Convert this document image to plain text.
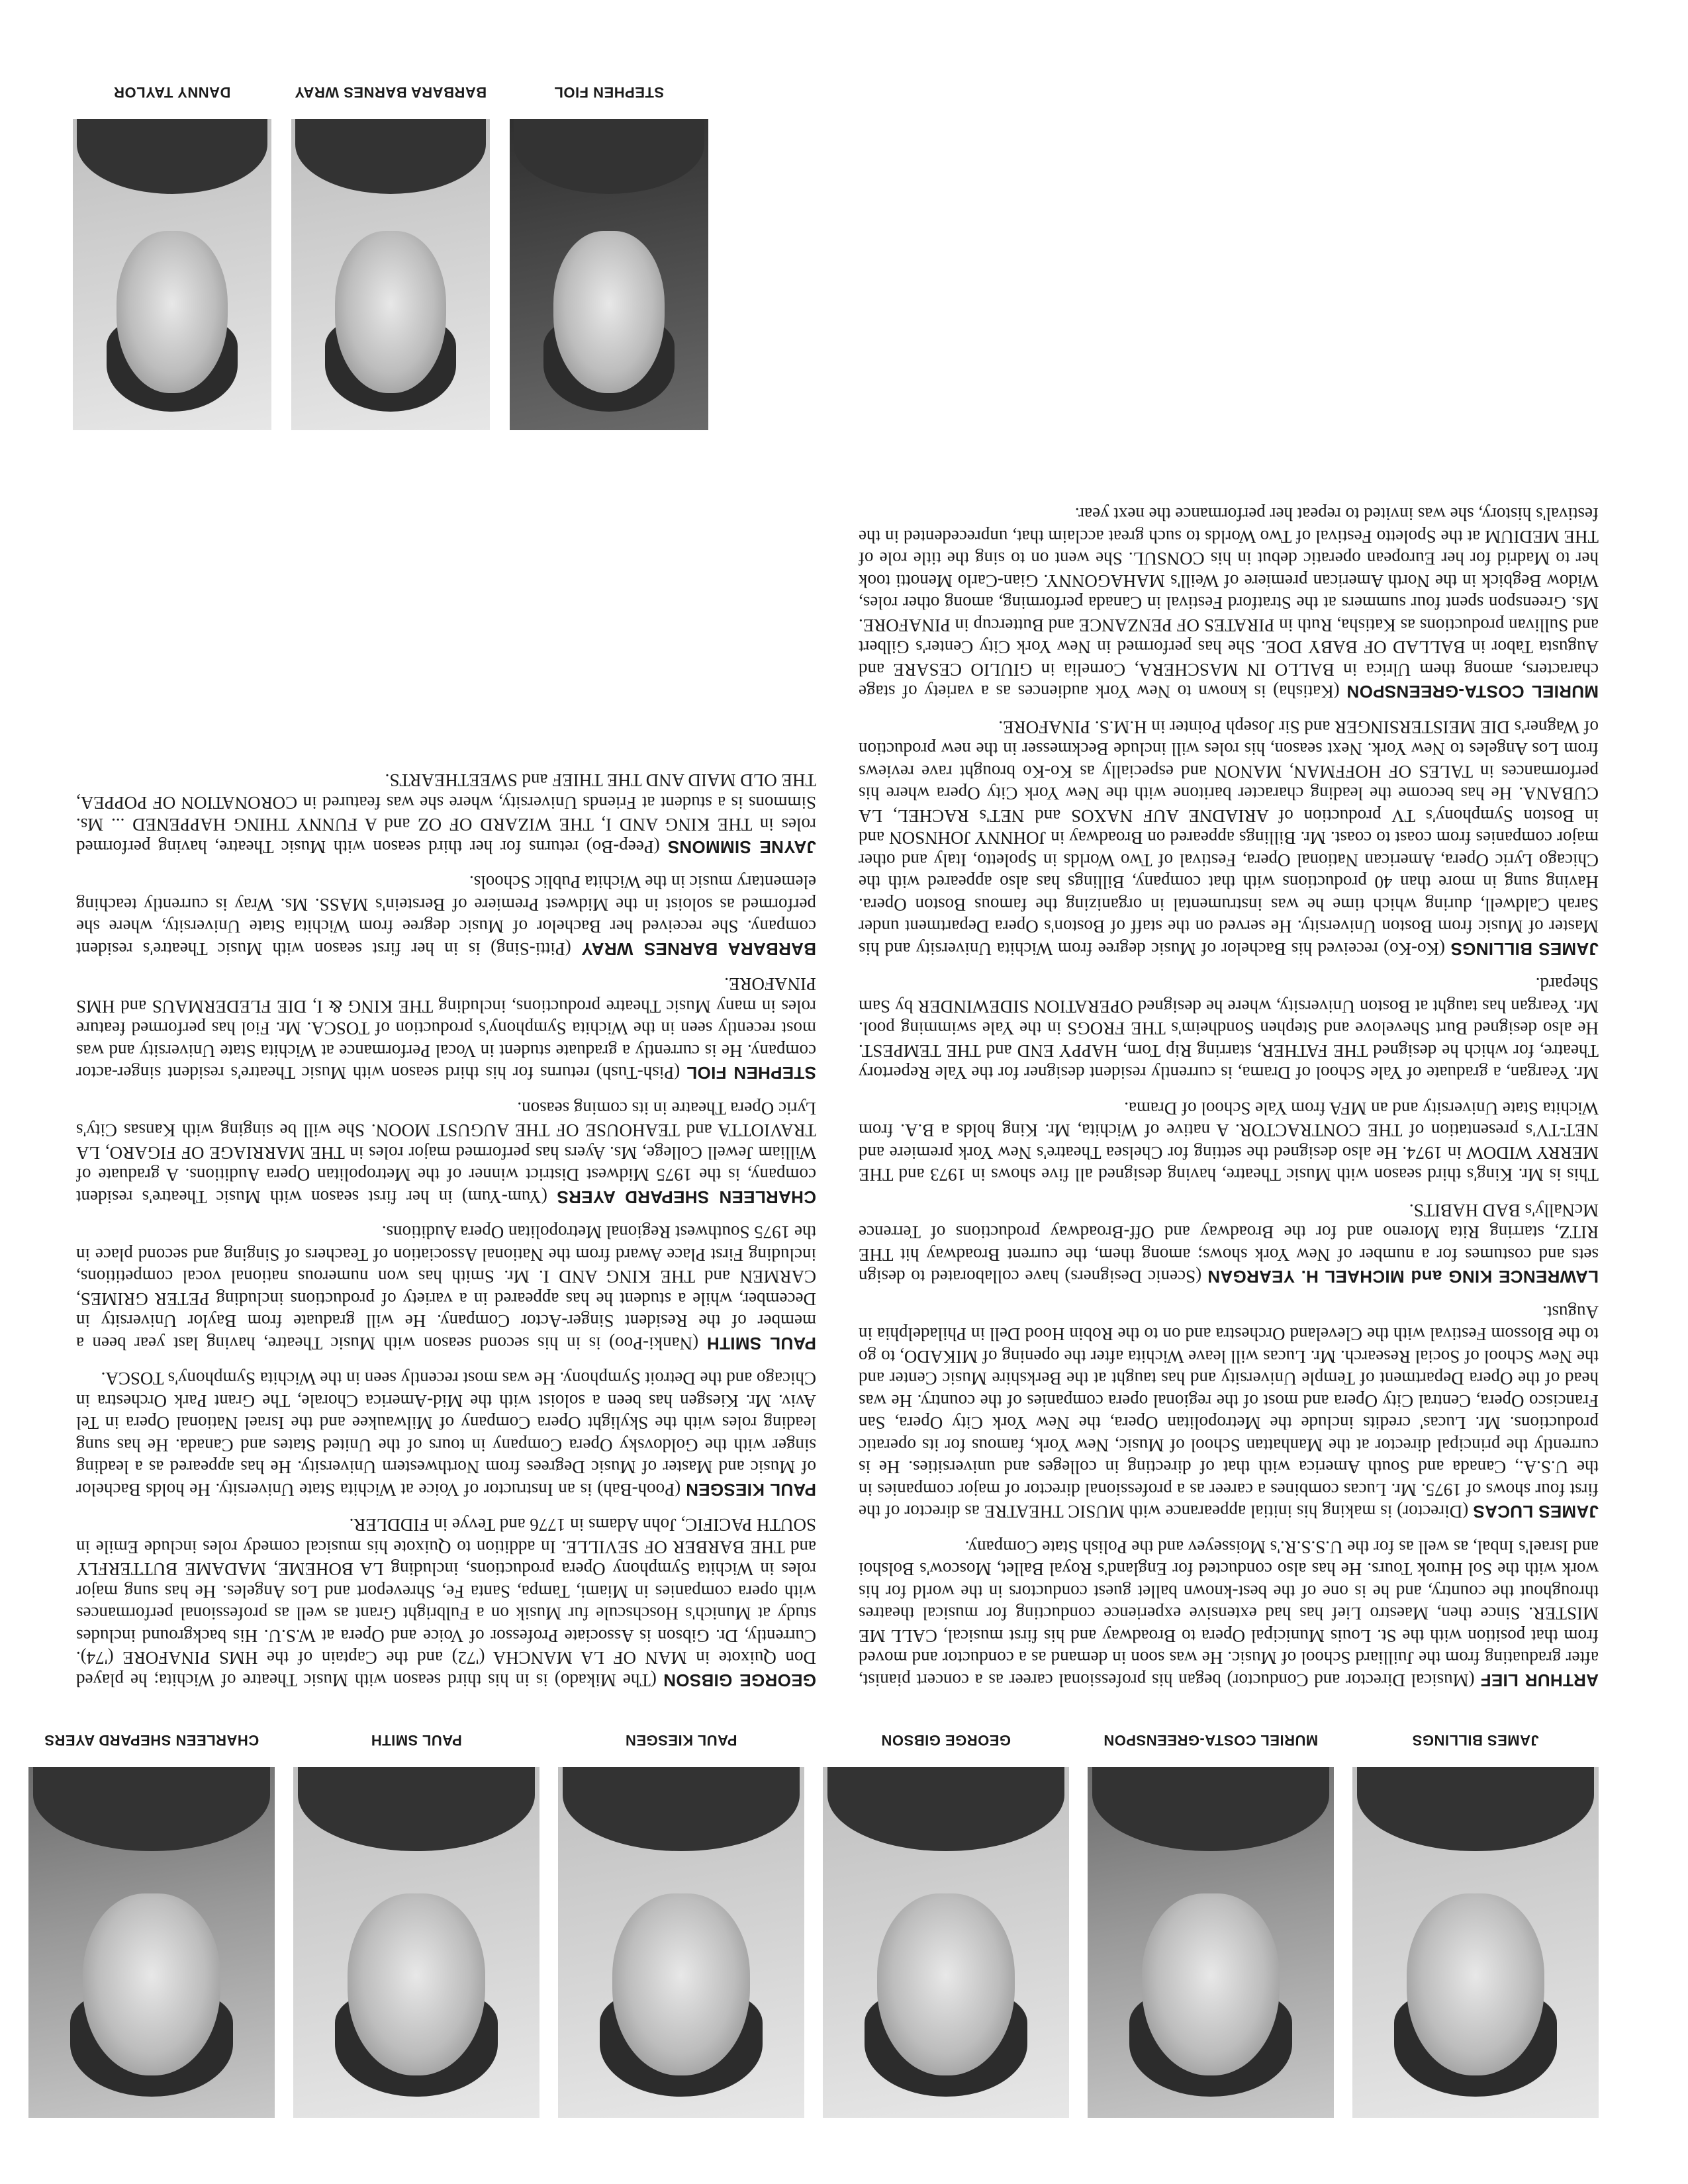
JAMES BILLINGS
MURIEL COSTA-GREENSPON
GEORGE GIBSON
PAUL KIESGEN
PAUL SMITH
CHARLEEN SHEPARD AYERS

ARTHUR LIEF (Musical Director and Conductor) began his professional career as a concert pianist, after graduating from the Juilliard School of Music. He was soon in demand as a conductor and moved from that position with the St. Louis Municipal Opera to Broadway and his first musical, CALL ME MISTER. Since then, Maestro Lief has had extensive experience conducting for musical theatres throughout the country, and he is one of the best-known ballet guest conductors in the world for his work with the Sol Hurok Tours. He has also conducted for England's Royal Ballet, Moscow's Bolshoi and Israel's Inbal, as well as for the U.S.S.R.'s Moisseyev and the Polish State Company.

JAMES LUCAS (Director) is making his initial appearance with MUSIC THEATRE as director of the first four shows of 1975. Mr. Lucas combines a career as a professional director of major companies in the U.S.A., Canada and South America with that of directing in colleges and universities. He is currently the principal director at the Manhattan School of Music, New York, famous for its operatic productions. Mr. Lucas' credits include the Metropolitan Opera, the New York City Opera, San Francisco Opera, Central City Opera and most of the regional opera companies of the country. He was head of the Opera Department of Temple University and has taught at the Berkshire Music Center and the New School of Social Research. Mr. Lucas will leave Wichita after the opening of MIKADO, to go to the Blossom Festival with the Cleveland Orchestra and on to the Robin Hood Dell in Philadelphia in August.

LAWRENCE KING and MICHAEL H. YEARGAN (Scenic Designers) have collaborated to design sets and costumes for a number of New York shows; among them, the current Broadway hit THE RITZ, starring Rita Moreno and for the Broadway and Off-Broadway productions of Terrence McNally's BAD HABITS.

This is Mr. King's third season with Music Theatre, having designed all five shows in 1973 and THE MERRY WIDOW in 1974. He also designed the setting for Chelsea Theatre's New York premiere and NET-TV's presentation of THE CONTRACTOR. A native of Wichita, Mr. King holds a B.A. from Wichita State University and an MFA from Yale School of Drama.

Mr. Yeargan, a graduate of Yale School of Drama, is currently resident designer for the Yale Repertory Theatre, for which he designed THE FATHER, starring Rip Torn, HAPPY END and THE TEMPEST. He also designed Burt Shevelove and Stephen Sondheim's THE FROGS in the Yale swimming pool. Mr. Yeargan has taught at Boston University, where he designed OPERATION SIDEWINDER by Sam Shepard.

JAMES BILLINGS (Ko-Ko) received his Bachelor of Music degree from Wichita University and his Master of Music from Boston University. He served on the staff of Boston's Opera Department under Sarah Caldwell, during which time he was instrumental in organizing the famous Boston Opera. Having sung in more than 40 productions with that company, Billings has also appeared with the Chicago Lyric Opera, American National Opera, Festival of Two Worlds in Spoletto, Italy and other major companies from coast to coast. Mr. Billings appeared on Broadway in JOHNNY JOHNSON and in Boston Symphony's TV production of ARIADNE AUF NAXOS and NET's RACHEL, LA CUBANA. He has become the leading character baritone with the New York City Opera where his performances in TALES OF HOFFMAN, MANON and especially as Ko-Ko brought rave reviews from Los Angeles to New York. Next season, his roles will include Beckmesser in the new production of Wagner's DIE MEISTERSINGER and Sir Joseph Pointer in H.M.S. PINAFORE.

MURIEL COSTA-GREENSPON (Katisha) is known to New York audiences as a variety of stage characters, among them Ulrica in BALLO IN MASCHERA, Cornelia in GIULIO CESARE and Augusta Tabor in BALLAD OF BABY DOE. She has performed in New York City Center's Gilbert and Sullivan productions as Katisha, Ruth in PIRATES OF PENZANCE and Buttercup in PINAFORE. Ms. Greenspon spent four summers at the Stratford Festival in Canada performing, among other roles, Widow Begbick in the North American premiere of Weill's MAHAGONNY. Gian-Carlo Menotti took her to Madrid for her European operatic debut in his CONSUL. She went on to sing the title role of THE MEDIUM at the Spoletto Festival of Two Worlds to such great acclaim that, unprecedented in the festival's history, she was invited to repeat her performance the next year.

GEORGE GIBSON (The Mikado) is in his third season with Music Theatre of Wichita; he played Don Quixote in MAN OF LA MANCHA ('72) and the Captain of the HMS PINAFORE ('74). Currently, Dr. Gibson is Associate Professor of Voice and Opera at W.S.U. His background includes study at Munich's Hoschscule fur Musik on a Fulbright Grant as well as professional performances with opera companies in Miami, Tampa, Santa Fe, Shreveport and Los Angeles. He has sung major roles in Wichita Symphony Opera productions, including LA BOHEME, MADAME BUTTERFLY and THE BARBER OF SEVILLE. In addition to Quixote his musical comedy roles include Emile in SOUTH PACIFIC, John Adams in 1776 and Tevye in FIDDLER.

PAUL KIESGEN (Pooh-Bah) is an Instructor of Voice at Wichita State University. He holds Bachelor of Music and Master of Music Degrees from Northwestern University. He has appeared as a leading singer with the Goldovsky Opera Company in tours of the United States and Canada. He has sung leading roles with the Skylight Opera Company of Milwaukee and the Israel National Opera in Tel Aviv. Mr. Kiesgen has been a soloist with the Mid-America Chorale, The Grant Park Orchestra in Chicago and the Detroit Symphony. He was most recently seen in the Wichita Symphony's TOSCA.

PAUL SMITH (Nanki-Poo) is in his second season with Music Theatre, having last year been a member of the Resident Singer-Actor Company. He will graduate from Baylor University in December, while a student he has appeared in a variety of productions including PETER GRIMES, CARMEN and THE KING AND I. Mr. Smith has won numerous national vocal competitions, including First Place Award from the National Association of Teachers of Singing and second place in the 1975 Southwest Regional Metropolitan Opera Auditions.

CHARLEEN SHEPARD AYERS (Yum-Yum) in her first season with Music Theatre's resident company, is the 1975 Midwest District winner of the Metropolitan Opera Auditions. A graduate of William Jewell College, Ms. Ayers has performed major roles in THE MARRIAGE OF FIGARO, LA TRAVIOTTA and TEAHOUSE OF THE AUGUST MOON. She will be singing with Kansas City's Lyric Opera Theatre in its coming season.

STEPHEN FIOL (Pish-Tush) returns for his third season with Music Theatre's resident singer-actor company. He is currently a graduate student in Vocal Performance at Wichita State University and was most recently seen in the Wichita Symphony's production of TOSCA. Mr. Fiol has performed feature roles in many Music Theatre productions, including THE KING & I, DIE FLEDERMAUS and HMS PINAFORE.

BARBARA BARNES WRAY (Pitti-Sing) is in her first season with Music Theatre's resident company. She received her Bachelor of Music degree from Wichita State University, where she performed as soloist in the Midwest Premiere of Berstein's MASS. Ms. Wray is currently teaching elementary music in the Wichita Public Schools.

JAYNE SIMMONS (Peep-Bo) returns for her third season with Music Theatre, having performed roles in THE KING AND I, THE WIZARD OF OZ and A FUNNY THING HAPPENED ... Ms. Simmons is a student at Friends University, where she was featured in CORONATION OF POPPEA, THE OLD MAID AND THE THIEF and SWEETHEARTS.

STEPHEN FIOL
BARBARA BARNES WRAY
DANNY TAYLOR
